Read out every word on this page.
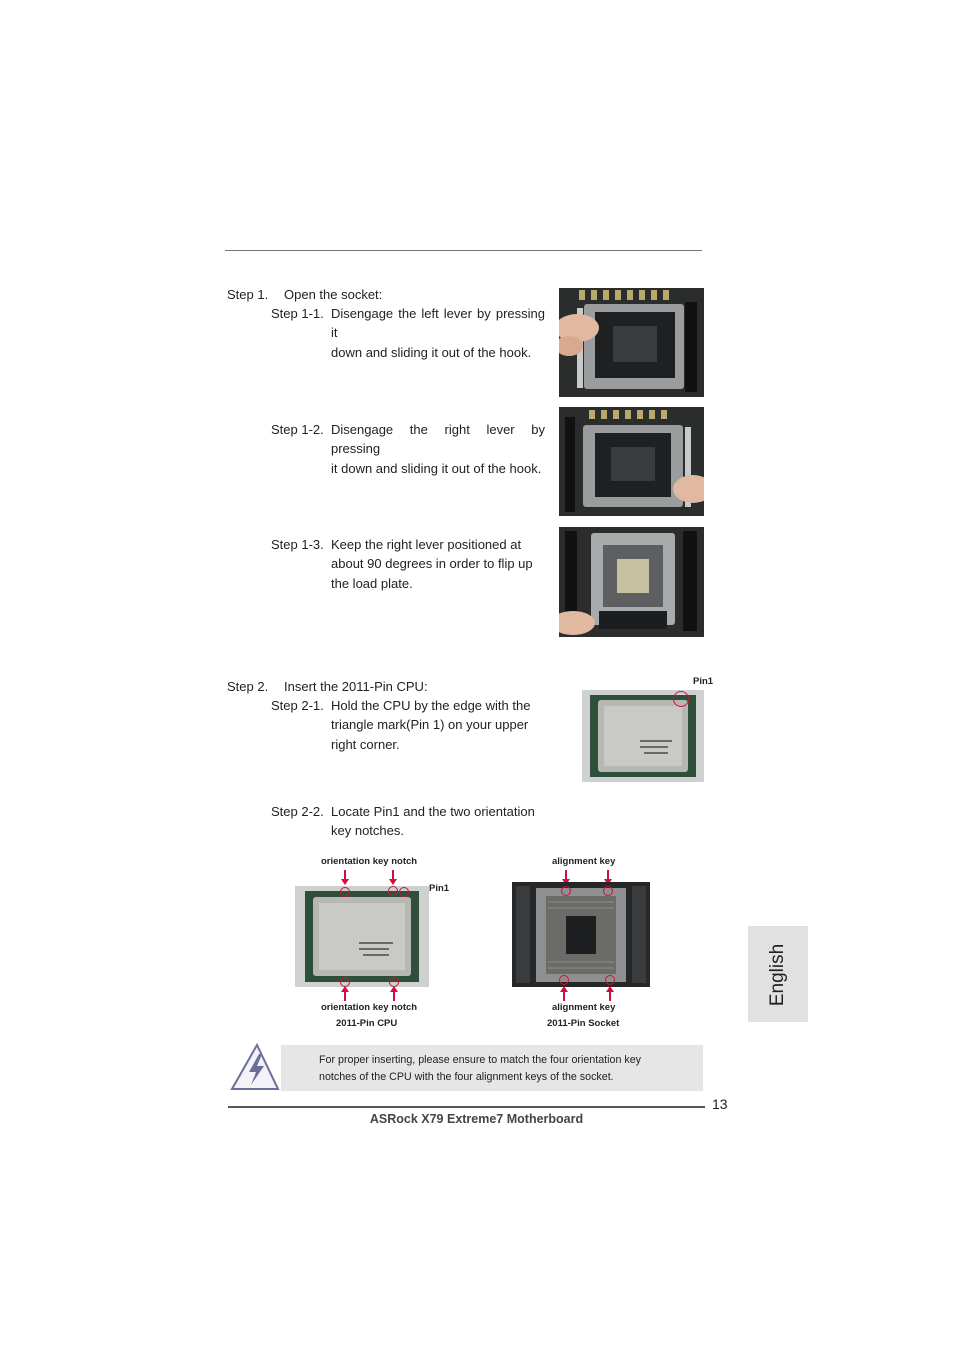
Step 1. Open the socket:
Step 1-1. Disengage the left lever by pressing it
down and sliding it out of the hook.
Step 1-2. Disengage the right lever by pressing
it down and sliding it out of the hook.
Step 1-3. Keep the right lever positioned at
about 90 degrees in order to flip up
the load plate.
Step 2. Insert the 2011-Pin CPU:
Step 2-1. Hold the CPU by the edge with the
triangle mark(Pin 1) on your upper
right corner.
Step 2-2. Locate Pin1 and the two orientation
key notches.
Pin1
orientation key notch
Pin1
orientation key notch
2011-Pin CPU
alignment key
alignment key
2011-Pin Socket
English
For proper inserting, please ensure to match the four orientation key
notches of the CPU with the four alignment keys of the socket.
13
ASRock X79 Extreme7 Motherboard
